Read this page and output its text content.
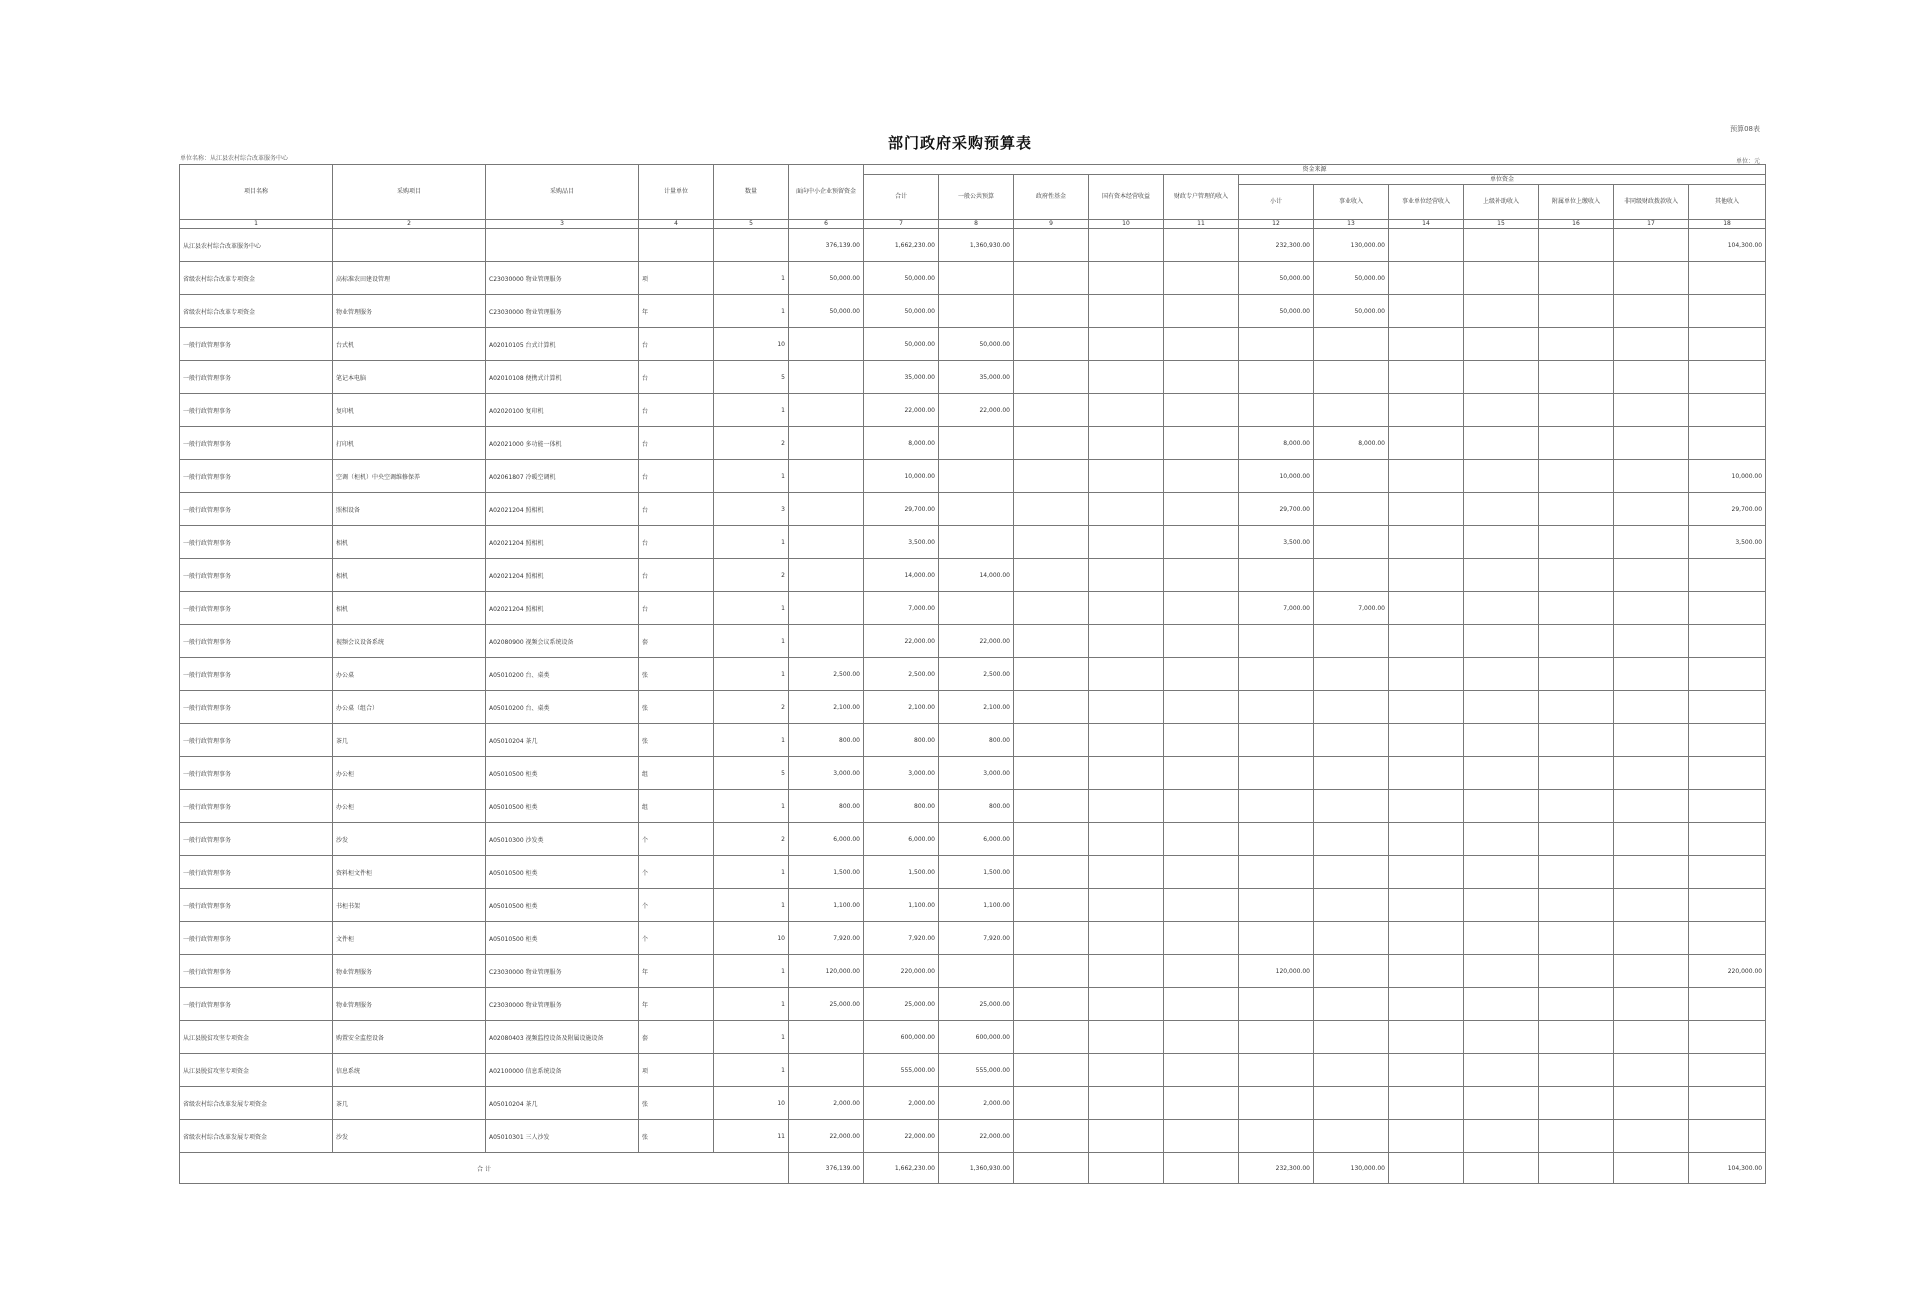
预算08表
部门政府采购预算表
单位名称：从江县农村综合改革服务中心	单位：元
项目名称	采购项目	采购品目	计量单位	数量	面向中小企业预留资金	资金来源											
						合计	一般公共预算	政府性基金	国有资本经营收益	财政专户管理的收入	单位资金						
											小计	事业收入	事业单位经营收入	上级补助收入	附属单位上缴收入	非同级财政拨款收入	其他收入
1	2	3	4	5	6	7	8	9	10	11	12	13	14	15	16	17	18
从江县农村综合改革服务中心					376,139.00	1,662,230.00	1,360,930.00				232,300.00	130,000.00					104,300.00
省级农村综合改革专项资金	高标准农田建设管理	C23030000 物业管理服务	项	1	50,000.00	50,000.00					50,000.00	50,000.00					
省级农村综合改革专项资金	物业管理服务	C23030000 物业管理服务	年	1	50,000.00	50,000.00					50,000.00	50,000.00					
一般行政管理事务	台式机	A02010105 台式计算机	台	10		50,000.00	50,000.00										
一般行政管理事务	笔记本电脑	A02010108 便携式计算机	台	5		35,000.00	35,000.00										
一般行政管理事务	复印机	A02020100 复印机	台	1		22,000.00	22,000.00										
一般行政管理事务	打印机	A02021000 多功能一体机	台	2		8,000.00					8,000.00	8,000.00					
一般行政管理事务	空调（柜机）中央空调维修保养	A02061807 冷暖空调机	台	1		10,000.00					10,000.00						10,000.00
一般行政管理事务	照相设备	A02021204 照相机	台	3		29,700.00					29,700.00						29,700.00
一般行政管理事务	相机	A02021204 照相机	台	1		3,500.00					3,500.00						3,500.00
一般行政管理事务	相机	A02021204 照相机	台	2		14,000.00	14,000.00										
一般行政管理事务	相机	A02021204 照相机	台	1		7,000.00					7,000.00	7,000.00					
一般行政管理事务	视频会议设备系统	A02080900 视频会议系统设备	套	1		22,000.00	22,000.00										
一般行政管理事务	办公桌	A05010200 台、桌类	张	1	2,500.00	2,500.00	2,500.00										
一般行政管理事务	办公桌（组合）	A05010200 台、桌类	张	2	2,100.00	2,100.00	2,100.00										
一般行政管理事务	茶几	A05010204 茶几	张	1	800.00	800.00	800.00										
一般行政管理事务	办公柜	A05010500 柜类	组	5	3,000.00	3,000.00	3,000.00										
一般行政管理事务	办公柜	A05010500 柜类	组	1	800.00	800.00	800.00										
一般行政管理事务	沙发	A05010300 沙发类	个	2	6,000.00	6,000.00	6,000.00										
一般行政管理事务	资料柜文件柜	A05010500 柜类	个	1	1,500.00	1,500.00	1,500.00										
一般行政管理事务	书柜书架	A05010500 柜类	个	1	1,100.00	1,100.00	1,100.00										
一般行政管理事务	文件柜	A05010500 柜类	个	10	7,920.00	7,920.00	7,920.00										
一般行政管理事务	物业管理服务	C23030000 物业管理服务	年	1	120,000.00	220,000.00					120,000.00						220,000.00
一般行政管理事务	物业管理服务	C23030000 物业管理服务	年	1	25,000.00	25,000.00	25,000.00										
从江县脱贫攻坚专项资金	购置安全监控设备	A02080403 视频监控设备及附属设施设备	套	1		600,000.00	600,000.00										
从江县脱贫攻坚专项资金	信息系统	A02100000 信息系统设备	项	1		555,000.00	555,000.00										
省级农村综合改革发展专项资金	茶几	A05010204 茶几	张	10	2,000.00	2,000.00	2,000.00										
省级农村综合改革发展专项资金	沙发	A05010301 三人沙发	张	11	22,000.00	22,000.00	22,000.00										
合 计					376,139.00	1,662,230.00	1,360,930.00				232,300.00	130,000.00					104,300.00
